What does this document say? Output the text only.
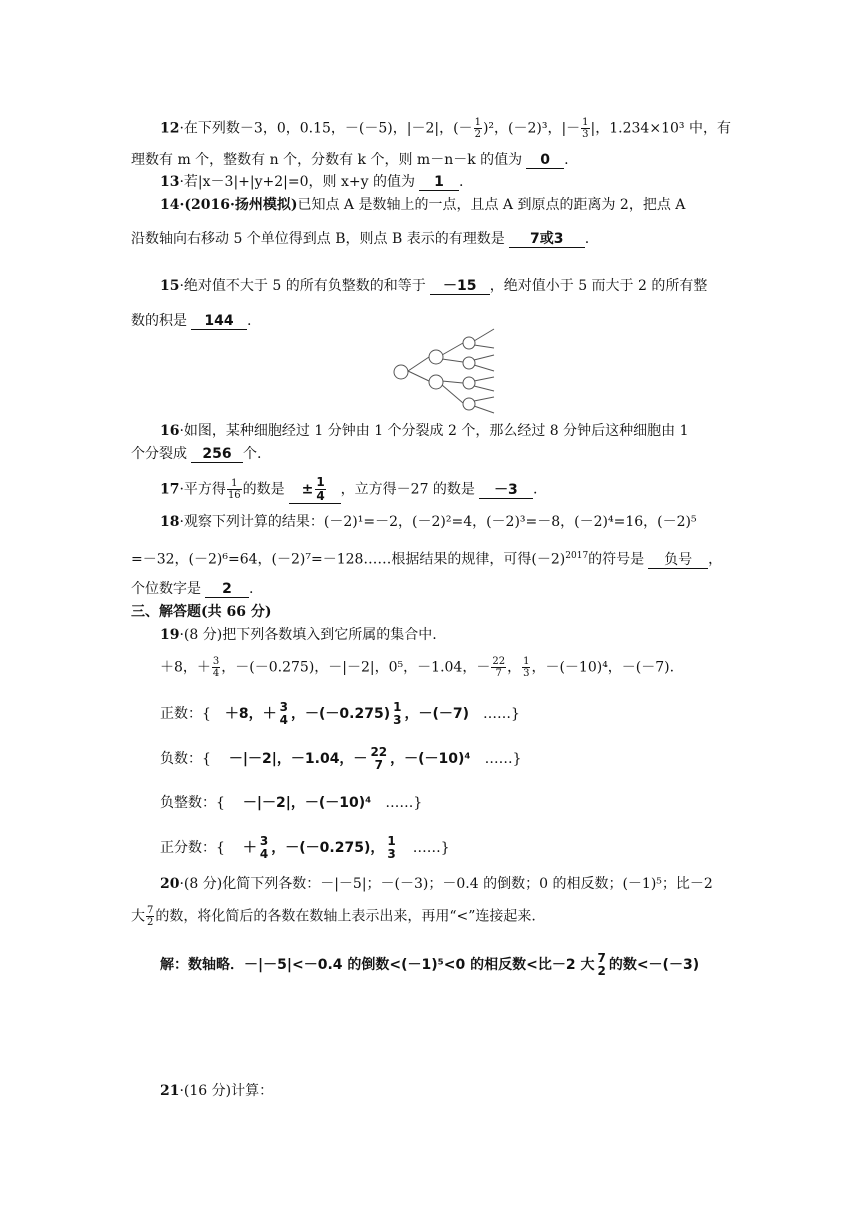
12·在下列数－3，0，0.15，－(－5)，|－2|，(－ $\frac{1}{2} )^2$，(－2)³，|－ $\frac{1}{3}$ |，1.234×10³ 中，有
理数有 m 个，整数有 n 个，分数有 k 个，则 m－n－k 的值为 0 .
13·若|x－3|+|y+2|=0，则 x+y 的值为 1 .
14·(2016·扬州模拟)已知点 A 是数轴上的一点，且点 A 到原点的距离为 2，把点 A
沿数轴向右移动 5 个单位得到点 B，则点 B 表示的有理数是 7或3 .
15·绝对值不大于 5 的所有负整数的和等于 －15 ，绝对值小于 5 而大于 2 的所有整
数的积是 144 .
16·如图，某种细胞经过 1 分钟由 1 个分裂成 2 个，那么经过 8 分钟后这种细胞由 1
个分裂成 256 个.
17·平方得 $\frac{1}{16}$ 的数是 ± $\frac{1}{4}$ ，立方得－27 的数是 －3 .
18·观察下列计算的结果：(－2)¹=－2，(－2)²=4，(－2)³=－8，(－2)⁴=16，(－2)⁵
=－32，(－2)⁶=64，(－2)⁷=－128……根据结果的规律，可得$(-2)^{2017}$的符号是 负号 ，
个位数字是 2 .
三、解答题(共 66 分)
19·(8 分)把下列各数填入到它所属的集合中.
＋8，＋ $\frac{3}{4}$ ，－(－0.275)，－|－2|，0⁵，－1.04，－ $\frac{22}{7}$ ， $\frac{1}{3}$ ，－(－10)⁴，－(－7).
正数：{ ＋8，＋ 3
4 ，－(－0.275) 1
3 ，－(－7) ……}
负数：{ －|－2|，－1.04，－ 22
7 ，－(－10)⁴ ……}
负整数：{ －|－2|，－(－10)⁴ ……}
正分数：{ ＋ 3
4 ，－(－0.275)， 1
3 ……}
20·(8 分)化简下列各数：－|－5|；－(－3)；－0.4 的倒数；0 的相反数；(－1)⁵；比－2
大 $\frac{7}{2}$ 的数，将化简后的各数在数轴上表示出来，再用“<”连接起来.
解：数轴略．－|－5|<－0.4 的倒数<(－1)⁵<0 的相反数<比－2 大 7
2 的数<－(－3)
21·(16 分)计算：
